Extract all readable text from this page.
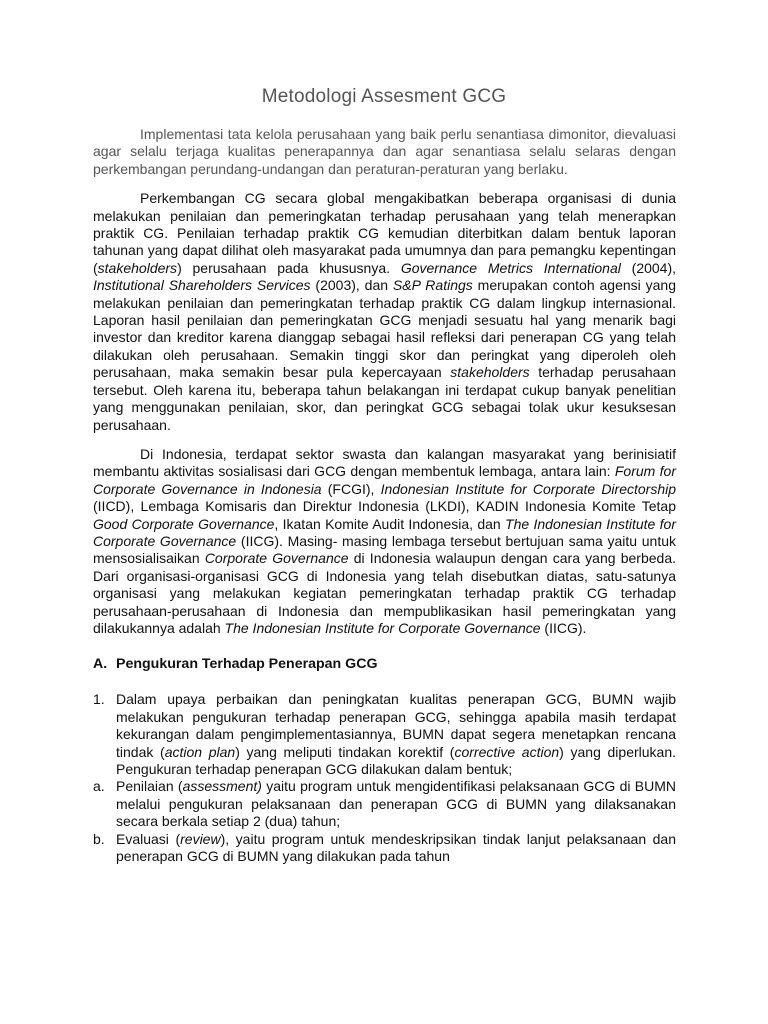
Metodologi Assesment GCG

Implementasi tata kelola perusahaan yang baik perlu senantiasa dimonitor, dievaluasi agar selalu terjaga kualitas penerapannya dan agar senantiasa selalu selaras dengan perkembangan perundang-undangan dan peraturan-peraturan yang berlaku.

Perkembangan CG secara global mengakibatkan beberapa organisasi di dunia melakukan penilaian dan pemeringkatan terhadap perusahaan yang telah menerapkan praktik CG. Penilaian terhadap praktik CG kemudian diterbitkan dalam bentuk laporan tahunan yang dapat dilihat oleh masyarakat pada umumnya dan para pemangku kepentingan (stakeholders) perusahaan pada khususnya. Governance Metrics International (2004), Institutional Shareholders Services (2003), dan S&P Ratings merupakan contoh agensi yang melakukan penilaian dan pemeringkatan terhadap praktik CG dalam lingkup internasional. Laporan hasil penilaian dan pemeringkatan GCG menjadi sesuatu hal yang menarik bagi investor dan kreditor karena dianggap sebagai hasil refleksi dari penerapan CG yang telah dilakukan oleh perusahaan. Semakin tinggi skor dan peringkat yang diperoleh oleh perusahaan, maka semakin besar pula kepercayaan stakeholders terhadap perusahaan tersebut. Oleh karena itu, beberapa tahun belakangan ini terdapat cukup banyak penelitian yang menggunakan penilaian, skor, dan peringkat GCG sebagai tolak ukur kesuksesan perusahaan.

Di Indonesia, terdapat sektor swasta dan kalangan masyarakat yang berinisiatif membantu aktivitas sosialisasi dari GCG dengan membentuk lembaga, antara lain: Forum for Corporate Governance in Indonesia (FCGI), Indonesian Institute for Corporate Directorship (IICD), Lembaga Komisaris dan Direktur Indonesia (LKDI), KADIN Indonesia Komite Tetap Good Corporate Governance, Ikatan Komite Audit Indonesia, dan The Indonesian Institute for Corporate Governance (IICG). Masing- masing lembaga tersebut bertujuan sama yaitu untuk mensosialisaikan Corporate Governance di Indonesia walaupun dengan cara yang berbeda. Dari organisasi-organisasi GCG di Indonesia yang telah disebutkan diatas, satu-satunya organisasi yang melakukan kegiatan pemeringkatan terhadap praktik CG terhadap perusahaan-perusahaan di Indonesia dan mempublikasikan hasil pemeringkatan yang dilakukannya adalah The Indonesian Institute for Corporate Governance (IICG).

A. Pengukuran Terhadap Penerapan GCG
1. Dalam upaya perbaikan dan peningkatan kualitas penerapan GCG, BUMN wajib melakukan pengukuran terhadap penerapan GCG, sehingga apabila masih terdapat kekurangan dalam pengimplementasiannya, BUMN dapat segera menetapkan rencana tindak (action plan) yang meliputi tindakan korektif (corrective action) yang diperlukan. Pengukuran terhadap penerapan GCG dilakukan dalam bentuk;
a. Penilaian (assessment) yaitu program untuk mengidentifikasi pelaksanaan GCG di BUMN melalui pengukuran pelaksanaan dan penerapan GCG di BUMN yang dilaksanakan secara berkala setiap 2 (dua) tahun;
b. Evaluasi (review), yaitu program untuk mendeskripsikan tindak lanjut pelaksanaan dan penerapan GCG di BUMN yang dilakukan pada tahun
